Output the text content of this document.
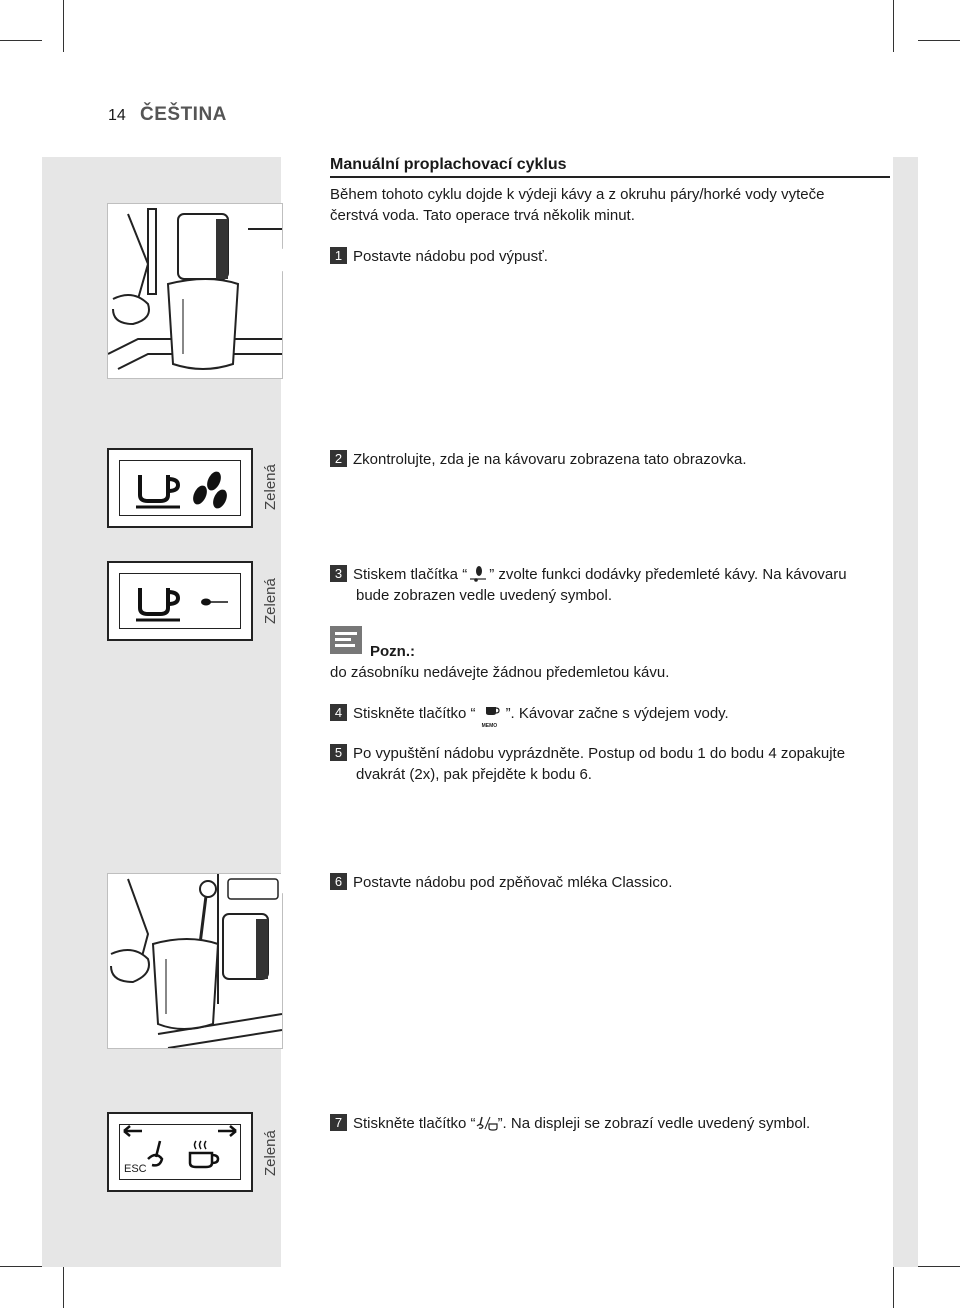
14 ČEŠTINA
Zelená
Zelená
ESC	Zelená
Manuální proplachovací cyklus
Během tohoto cyklu dojde k výdeji kávy a z okruhu páry/horké vody vyteče čerstvá voda. Tato operace trvá několik minut.
1 Postavte nádobu pod výpusť.
2 Zkontrolujte, zda je na kávovaru zobrazena tato obrazovka.
3 Stiskem tlačítka “ ” zvolte funkci dodávky předemleté kávy. Na kávovaru bude zobrazen vedle uvedený symbol.
Pozn.:
do zásobníku nedávejte žádnou předemletou kávu.
4 Stiskněte tlačítko “
MEMO
”. Kávovar začne s výdejem vody.
5 Po vypuštění nádobu vyprázdněte. Postup od bodu 1 do bodu 4 zopakujte dvakrát (2x), pak přejděte k bodu 6.
6 Postavte nádobu pod zpěňovač mléka Classico.
7 Stiskněte tlačítko “ ”. Na displeji se zobrazí vedle uvedený symbol.
